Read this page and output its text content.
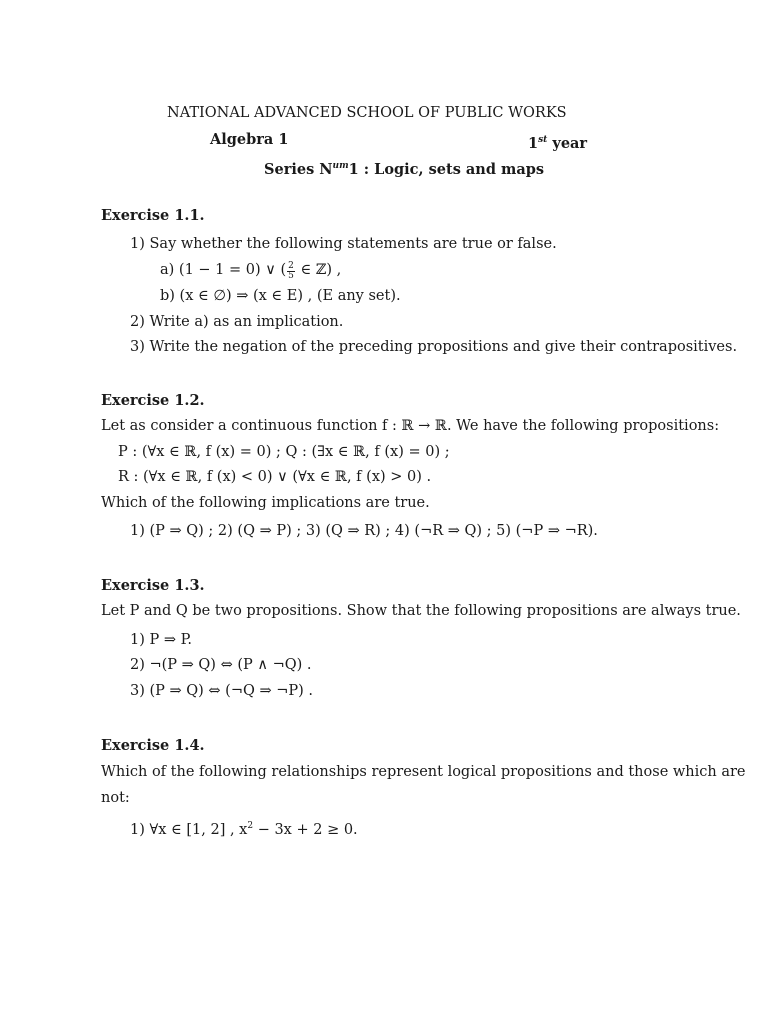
NATIONAL ADVANCED SCHOOL OF PUBLIC WORKS
Algebra 1	1st year
Series $N^{um}1$ : Logic, sets and maps
Exercise 1.1.
1) Say whether the following statements are true or false.
a) (1 − 1 = 0) ∨ ( $\frac{2}{5}$ ∈ ℤ) ,
b) (x ∈ ∅) ⇒ (x ∈ E) , (E any set).
2) Write a) as an implication.
3) Write the negation of the preceding propositions and give their contrapositives.
Exercise 1.2.
Let as consider a continuous function f : ℝ → ℝ. We have the following propositions:
P : (∀x ∈ ℝ, f (x) = 0) ; Q : (∃x ∈ ℝ, f (x) = 0) ;
R : (∀x ∈ ℝ, f (x) < 0) ∨ (∀x ∈ ℝ, f (x) > 0) .
Which of the following implications are true.
1) (P ⇒ Q) ; 2) (Q ⇒ P) ; 3) (Q ⇒ R) ; 4) (¬R ⇒ Q) ; 5) (¬P ⇒ ¬R).
Exercise 1.3.
Let P and Q be two propositions. Show that the following propositions are always true.
1) P ⇒ P.
2) ¬(P ⇒ Q) ⇔ (P ∧ ¬Q) .
3) (P ⇒ Q) ⇔ (¬Q ⇒ ¬P) .
Exercise 1.4.
Which of the following relationships represent logical propositions and those which are
not:
1) ∀x ∈ [1, 2] , $x^2 - 3x + 2 \ge 0$.
